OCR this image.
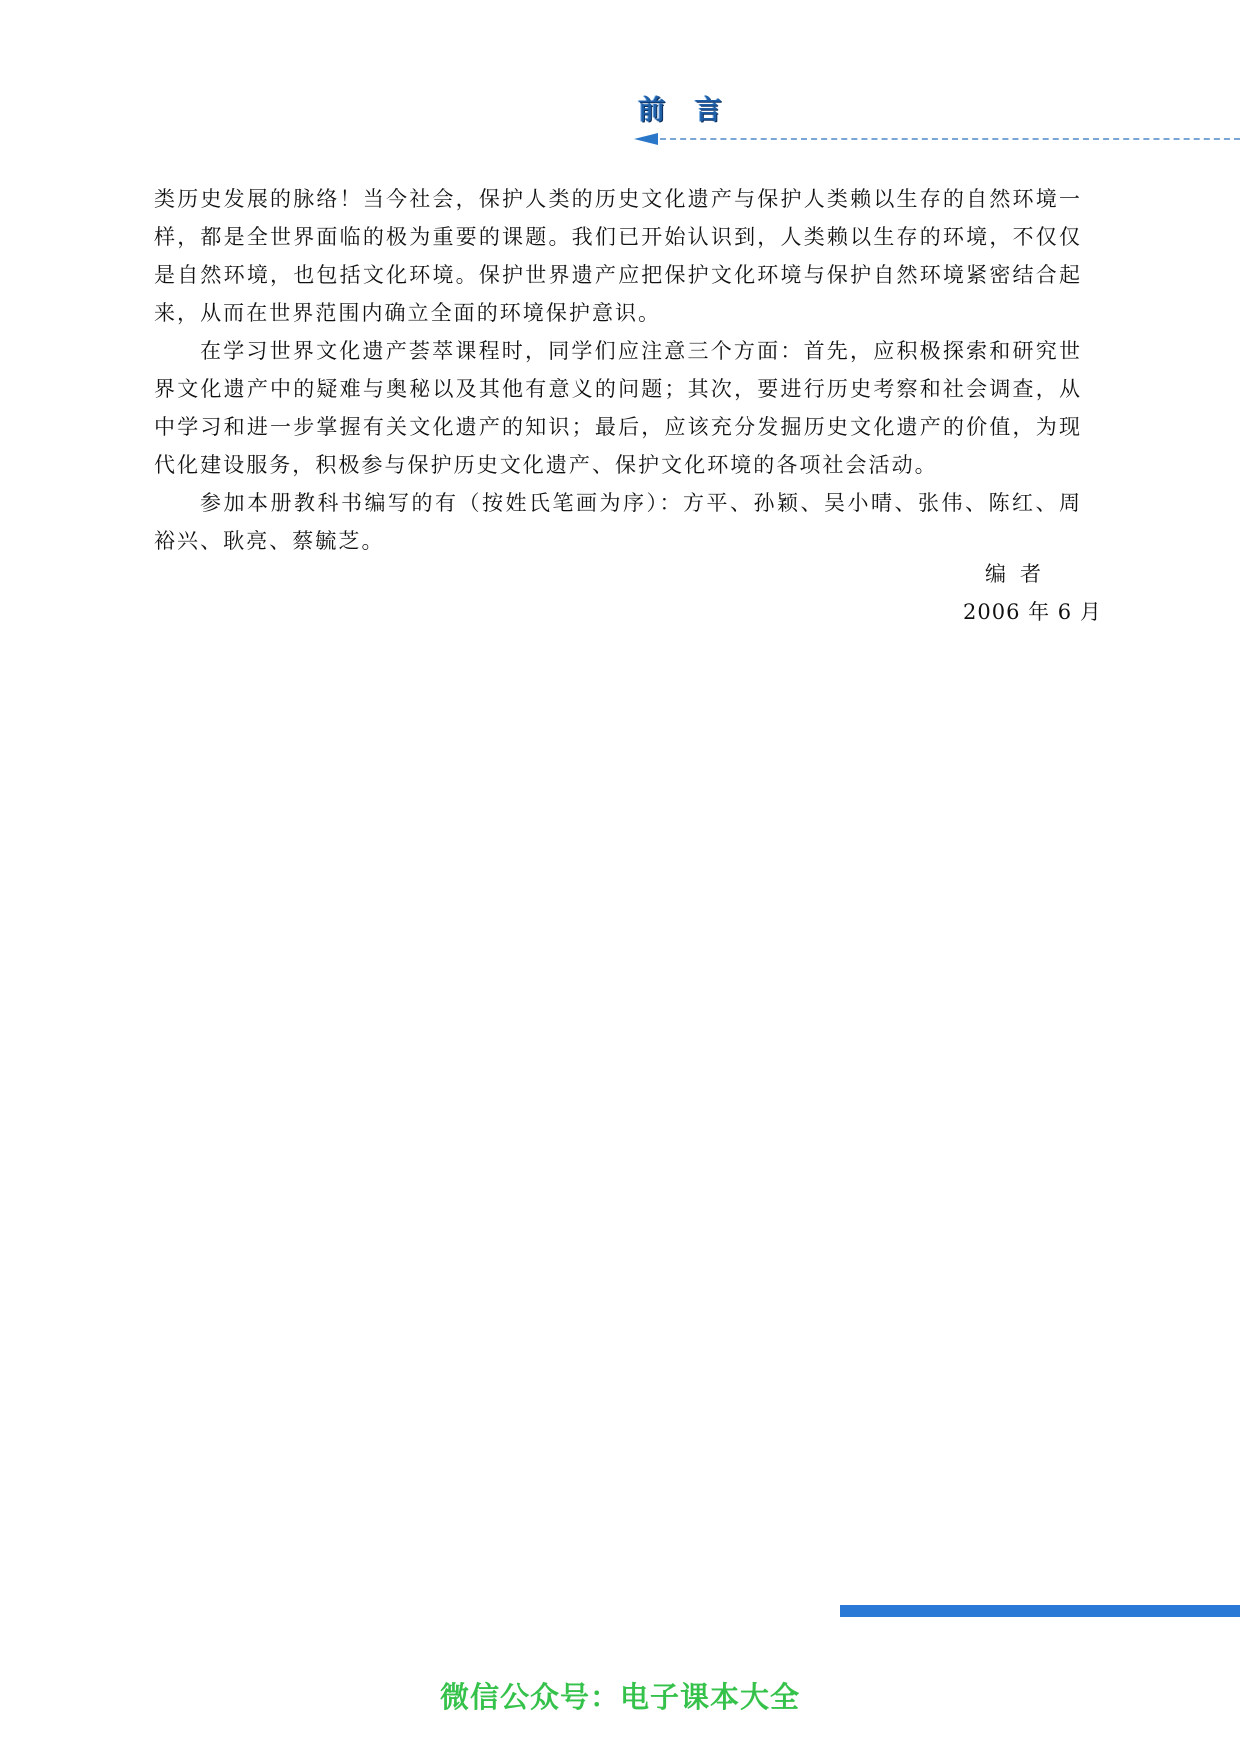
前 言

类历史发展的脉络！当今社会，保护人类的历史文化遗产与保护人类赖以生存的自然环境一样，都是全世界面临的极为重要的课题。我们已开始认识到，人类赖以生存的环境，不仅仅是自然环境，也包括文化环境。保护世界遗产应把保护文化环境与保护自然环境紧密结合起来，从而在世界范围内确立全面的环境保护意识。

在学习世界文化遗产荟萃课程时，同学们应注意三个方面：首先，应积极探索和研究世界文化遗产中的疑难与奥秘以及其他有意义的问题；其次，要进行历史考察和社会调查，从中学习和进一步掌握有关文化遗产的知识；最后，应该充分发掘历史文化遗产的价值，为现代化建设服务，积极参与保护历史文化遗产、保护文化环境的各项社会活动。

参加本册教科书编写的有（按姓氏笔画为序）：方平、孙颖、吴小晴、张伟、陈红、周裕兴、耿亮、蔡毓芝。

编者
2006 年 6 月
微信公众号：电子课本大全
